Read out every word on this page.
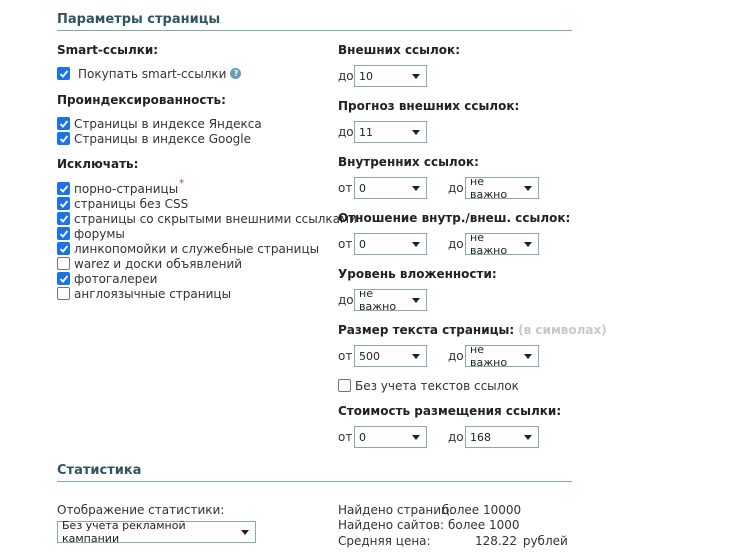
Параметры страницы
Smart-ссылки:
Покупать smart-ссылки ?
Проиндексированность:
Страницы в индексе Яндекса
Страницы в индексе Google
Исключать:
порно-страницы *
страницы без CSS
страницы со скрытыми внешними ссылками
форумы
линкопомойки и служебные страницы
warez и доски объявлений
фотогалереи
англоязычные страницы
Внешних ссылок:
до 10
Прогноз внешних ссылок:
до 11
Внутренних ссылок:
от 0	до не важно
Отношение внутр./внеш. ссылок:
от 0	до не важно
Уровень вложенности:
до не важно
Размер текста страницы: (в символах)
от 500	до не важно
Без учета текстов ссылок
Стоимость размещения ссылки:
от 0	до 168
Статистика
Отображение статистики:
Без учета рекламной кампании
Найдено страниц:более 10000
Найдено сайтов: более 1000
Средняя цена:	128.22 рублей
